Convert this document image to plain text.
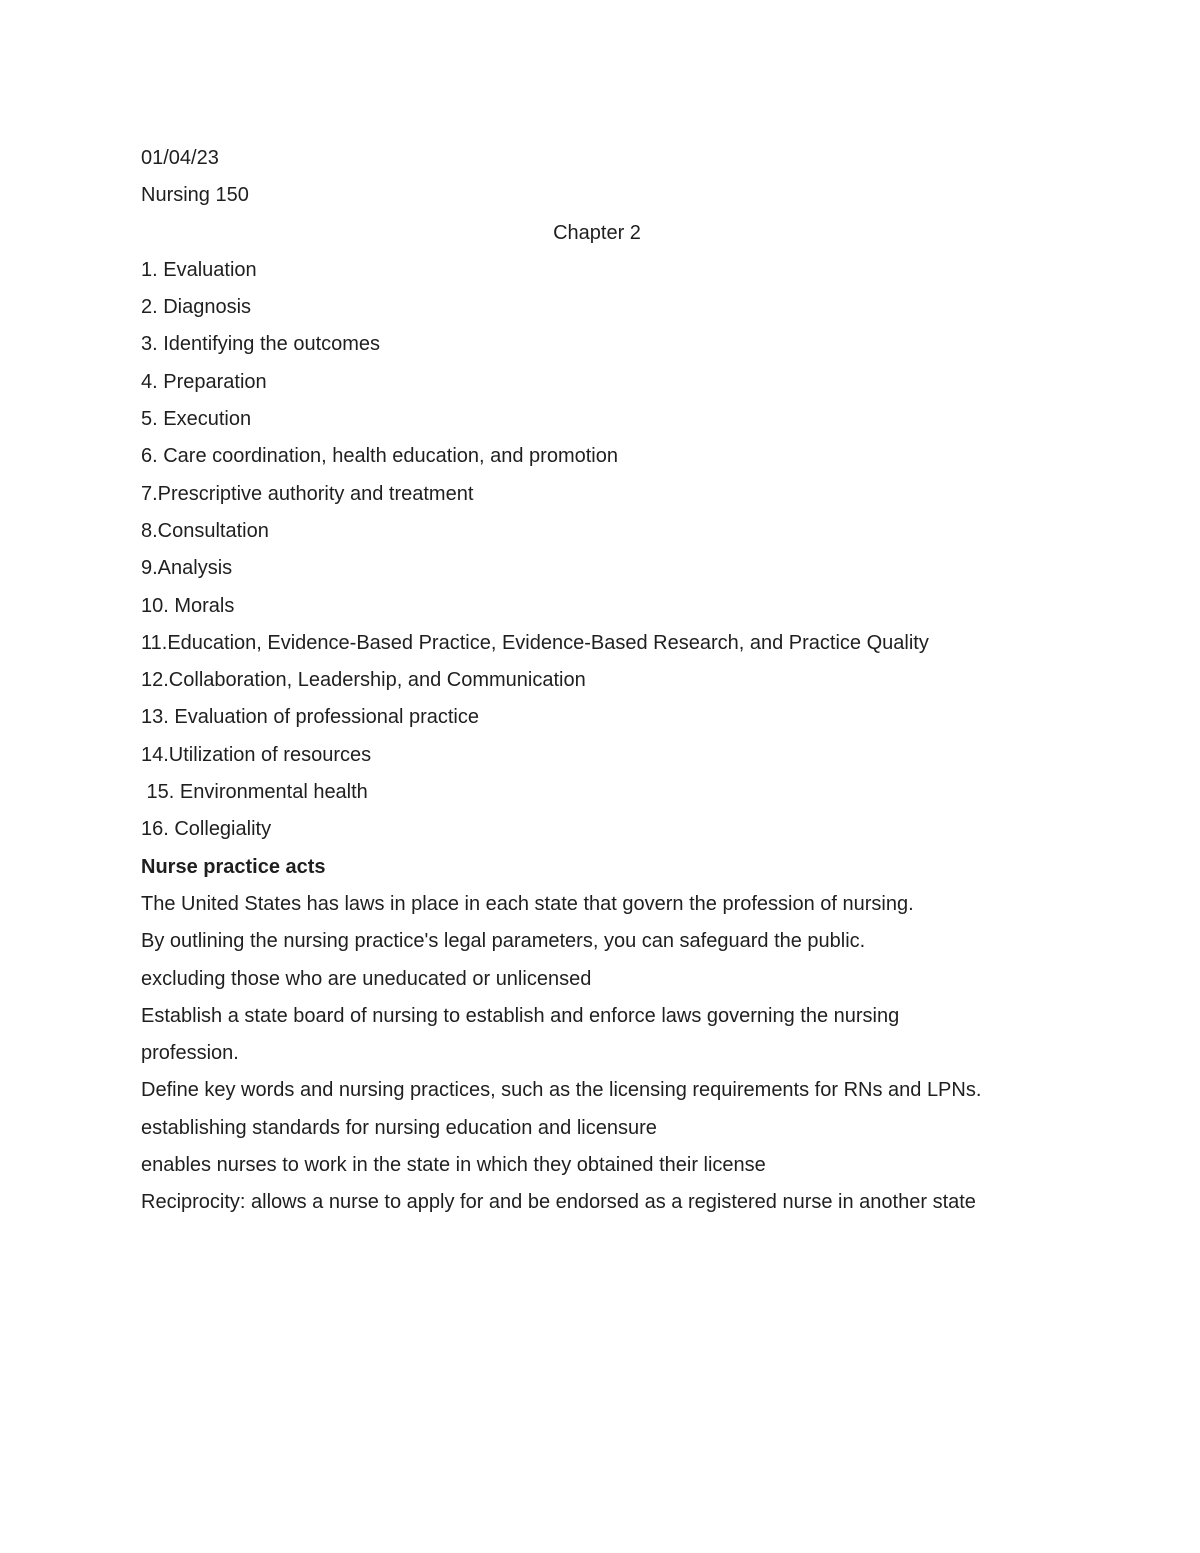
01/04/23

Nursing 150

Chapter 2

1. Evaluation

2. Diagnosis

3. Identifying the outcomes

4. Preparation

5. Execution

6. Care coordination, health education, and promotion

7.Prescriptive authority and treatment

8.Consultation

9.Analysis

10. Morals

11.Education, Evidence-Based Practice, Evidence-Based Research, and Practice Quality

12.Collaboration, Leadership, and Communication

13. Evaluation of professional practice

14.Utilization of resources

15. Environmental health

16. Collegiality

Nurse practice acts

The United States has laws in place in each state that govern the profession of nursing.

By outlining the nursing practice's legal parameters, you can safeguard the public.

excluding those who are uneducated or unlicensed

Establish a state board of nursing to establish and enforce laws governing the nursing

profession.

Define key words and nursing practices, such as the licensing requirements for RNs and LPNs.

establishing standards for nursing education and licensure

enables nurses to work in the state in which they obtained their license

Reciprocity: allows a nurse to apply for and be endorsed as a registered nurse in another state
